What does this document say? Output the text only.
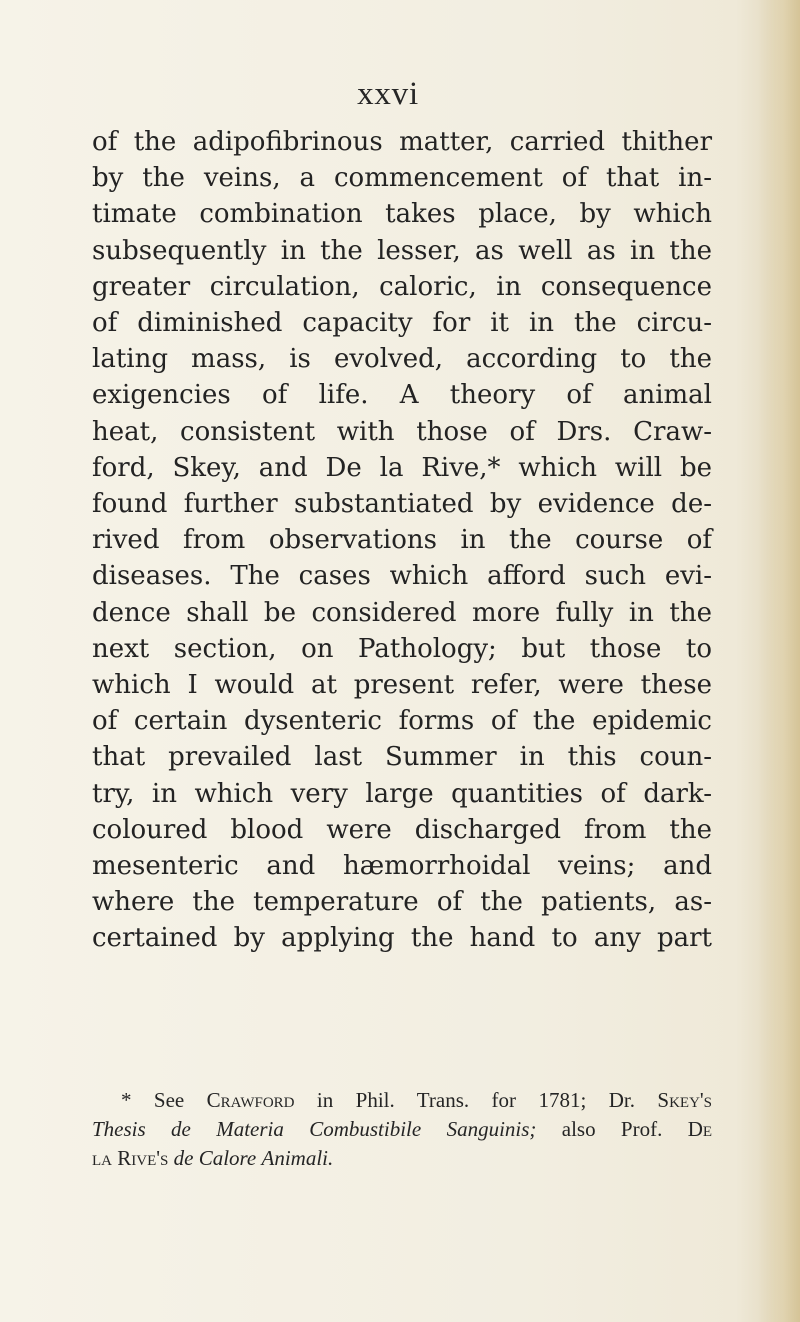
xxvi
of the adipofibrinous matter, carried thither
by the veins, a commencement of that in-
timate combination takes place, by which
subsequently in the lesser, as well as in the
greater circulation, caloric, in consequence
of diminished capacity for it in the circu-
lating mass, is evolved, according to the
exigencies of life. A theory of animal
heat, consistent with those of Drs. Craw-
ford, Skey, and De la Rive,* which will be
found further substantiated by evidence de-
rived from observations in the course of
diseases. The cases which afford such evi-
dence shall be considered more fully in the
next section, on Pathology; but those to
which I would at present refer, were these
of certain dysenteric forms of the epidemic
that prevailed last Summer in this coun-
try, in which very large quantities of dark-
coloured blood were discharged from the
mesenteric and hæmorrhoidal veins; and
where the temperature of the patients, as-
certained by applying the hand to any part
* See Crawford in Phil. Trans. for 1781; Dr. Skey's
Thesis de Materia Combustibile Sanguinis; also Prof. De
la Rive's de Calore Animali.
